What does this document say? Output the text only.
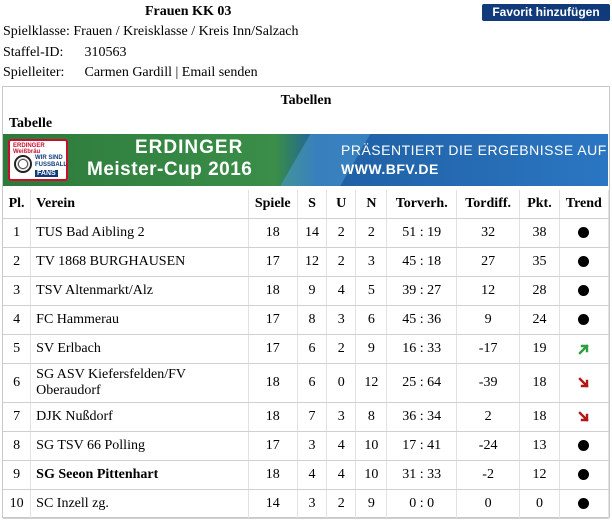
Frauen KK 03	Favorit hinzufügen
Spielklasse: Frauen / Kreisklasse / Kreis Inn/Salzach
Staffel-ID: 310563
Spielleiter: Carmen Gardill | Email senden
Tabellen
Tabelle
ERDINGER Weißbräu
WIR SIND FUSSBALL
FANS
ERDINGER
Meister-Cup 2016
PRÄSENTIERT DIE ERGEBNISSE AUF
WWW.BFV.DE
Pl.	Verein	Spiele	S	U	N	Torverh.	Tordiff.	Pkt.	Trend
1	TUS Bad Aibling 2	18	14	2	2	51 : 19	32	38	
2	TV 1868 BURGHAUSEN	17	12	2	3	45 : 18	27	35	
3	TSV Altenmarkt/Alz	18	9	4	5	39 : 27	12	28	
4	FC Hammerau	17	8	3	6	45 : 36	9	24	
5	SV Erlbach	17	6	2	9	16 : 33	-17	19	
6	SG ASV Kiefersfelden/FV Oberaudorf	18	6	0	12	25 : 64	-39	18	
7	DJK Nußdorf	18	7	3	8	36 : 34	2	18	
8	SG TSV 66 Polling	17	3	4	10	17 : 41	-24	13	
9	SG Seeon Pittenhart	18	4	4	10	31 : 33	-2	12	
10	SC Inzell zg.	14	3	2	9	0 : 0	0	0	
